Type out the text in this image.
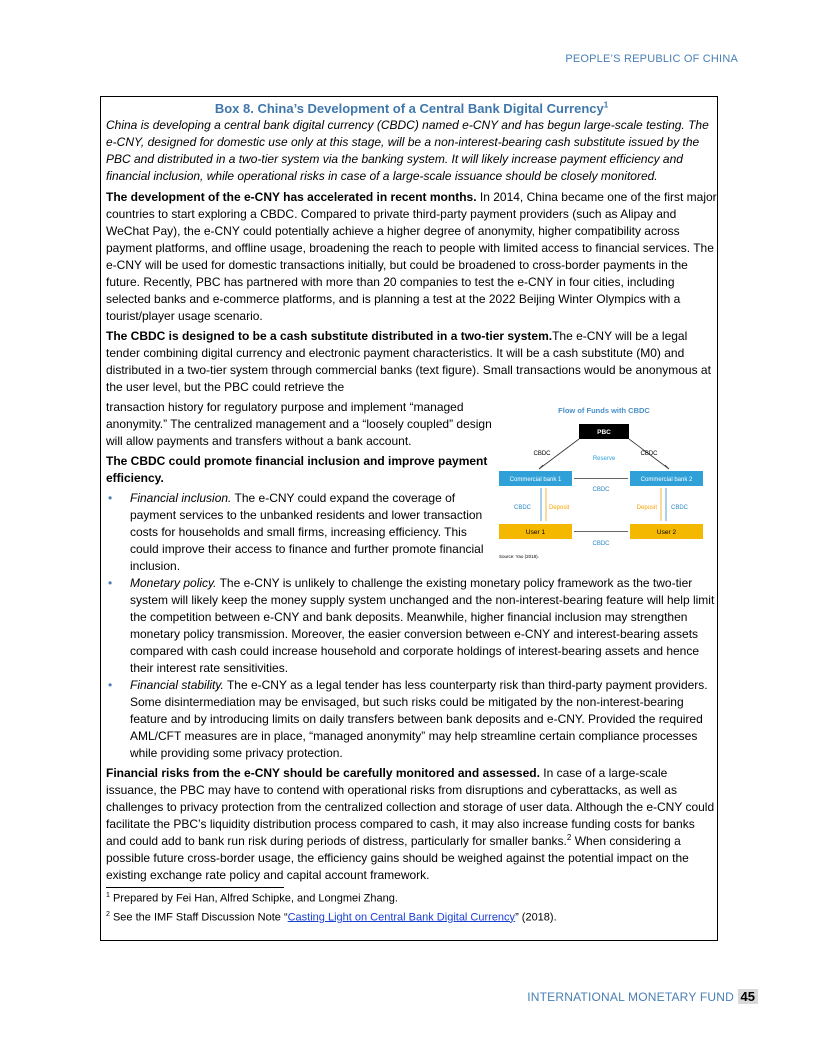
PEOPLE’S REPUBLIC OF CHINA
Box 8. China’s Development of a Central Bank Digital Currency$^1$

China is developing a central bank digital currency (CBDC) named e-CNY and has begun large-scale testing. The e-CNY, designed for domestic use only at this stage, will be a non-interest-bearing cash substitute issued by the PBC and distributed in a two-tier system via the banking system. It will likely increase payment efficiency and financial inclusion, while operational risks in case of a large-scale issuance should be closely monitored.

The development of the e-CNY has accelerated in recent months. In 2014, China became one of the first major countries to start exploring a CBDC. Compared to private third-party payment providers (such as Alipay and WeChat Pay), the e-CNY could potentially achieve a higher degree of anonymity, higher compatibility across payment platforms, and offline usage, broadening the reach to people with limited access to financial services. The e-CNY will be used for domestic transactions initially, but could be broadened to cross-border payments in the future. Recently, PBC has partnered with more than 20 companies to test the e-CNY in four cities, including selected banks and e-commerce platforms, and is planning a test at the 2022 Beijing Winter Olympics with a tourist/player usage scenario.

The CBDC is designed to be a cash substitute distributed in a two-tier system.The e-CNY will be a legal tender combining digital currency and electronic payment characteristics. It will be a cash substitute (M0) and distributed in a two-tier system through commercial banks (text figure). Small transactions would be anonymous at the user level, but the PBC could retrieve the

Flow of Funds with CBDC
PBC
CBDC	CBDC
Reserve
Commercial bank 1	Commercial bank 2
CBDC
CBDC	Deposit	Deposit CBDC
User 1	User 2
CBDC
Source: Yao (2018).

transaction history for regulatory purpose and implement “managed anonymity.” The centralized management and a “loosely coupled” design will allow payments and transfers without a bank account.

The CBDC could promote financial inclusion and improve payment efficiency.

• Financial inclusion. The e-CNY could expand the coverage of payment services to the unbanked residents and lower transaction costs for households and small firms, increasing efficiency. This could improve their access to finance and further promote financial inclusion.
• Monetary policy. The e-CNY is unlikely to challenge the existing monetary policy framework as the two-tier system will likely keep the money supply system unchanged and the non-interest-bearing feature will help limit the competition between e-CNY and bank deposits. Meanwhile, higher financial inclusion may strengthen monetary policy transmission. Moreover, the easier conversion between e-CNY and interest-bearing assets compared with cash could increase household and corporate holdings of interest-bearing assets and hence their interest rate sensitivities.
• Financial stability. The e-CNY as a legal tender has less counterparty risk than third-party payment providers. Some disintermediation may be envisaged, but such risks could be mitigated by the non-interest-bearing feature and by introducing limits on daily transfers between bank deposits and e-CNY. Provided the required AML/CFT measures are in place, “managed anonymity” may help streamline certain compliance processes while providing some privacy protection.

Financial risks from the e-CNY should be carefully monitored and assessed. In case of a large-scale issuance, the PBC may have to contend with operational risks from disruptions and cyberattacks, as well as challenges to privacy protection from the centralized collection and storage of user data. Although the e-CNY could facilitate the PBC’s liquidity distribution process compared to cash, it may also increase funding costs for banks and could add to bank run risk during periods of distress, particularly for smaller banks.$^2$ When considering a possible future cross-border usage, the efficiency gains should be weighed against the potential impact on the existing exchange rate policy and capital account framework.

$^1$ Prepared by Fei Han, Alfred Schipke, and Longmei Zhang.
$^2$ See the IMF Staff Discussion Note “Casting Light on Central Bank Digital Currency” (2018).
INTERNATIONAL MONETARY FUND 45
